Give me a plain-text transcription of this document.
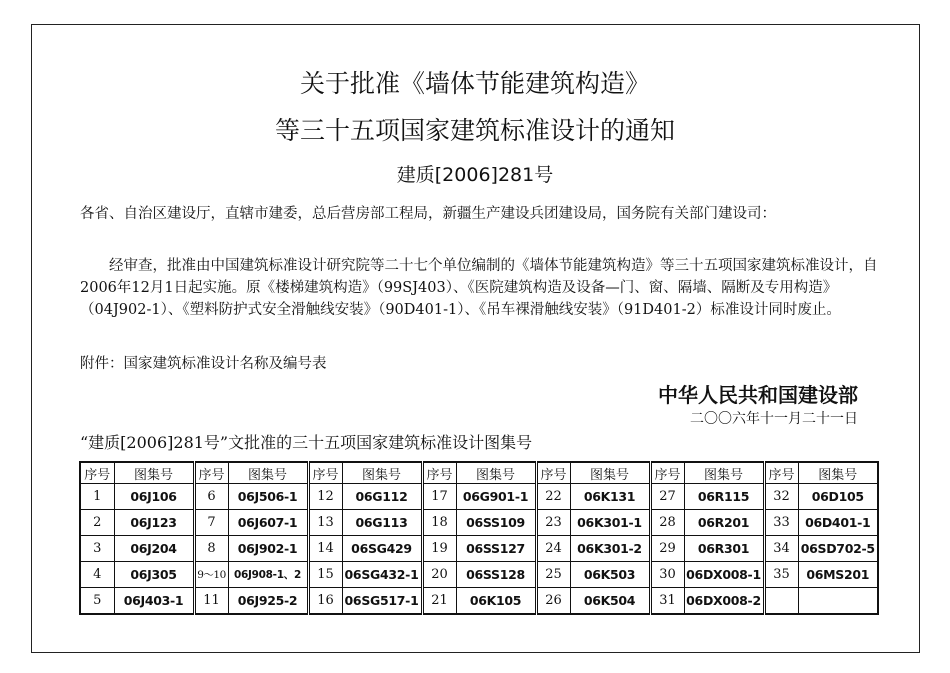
关于批准《墙体节能建筑构造》
等三十五项国家建筑标准设计的通知
建质[2006]281号
各省、自治区建设厅，直辖市建委，总后营房部工程局，新疆生产建设兵团建设局，国务院有关部门建设司：
经审查，批准由中国建筑标准设计研究院等二十七个单位编制的《墙体节能建筑构造》等三十五项国家建筑标准设计，自2006年12月1日起实施。原《楼梯建筑构造》（99SJ403）、《医院建筑构造及设备—门、窗、隔墙、隔断及专用构造》（04J902-1）、《塑料防护式安全滑触线安装》（90D401-1）、《吊车裸滑触线安装》（91D401-2）标准设计同时废止。
附件：国家建筑标准设计名称及编号表
中华人民共和国建设部
二〇〇六年十一月二十一日
“建质[2006]281号”文批准的三十五项国家建筑标准设计图集号
序号	图集号	序号	图集号	序号	图集号	序号	图集号	序号	图集号	序号	图集号	序号	图集号
1	06J106	6	06J506-1	12	06G112	17	06G901-1	22	06K131	27	06R115	32	06D105
2	06J123	7	06J607-1	13	06G113	18	06SS109	23	06K301-1	28	06R201	33	06D401-1
3	06J204	8	06J902-1	14	06SG429	19	06SS127	24	06K301-2	29	06R301	34	06SD702-5
4	06J305	9～10	06J908-1、2	15	06SG432-1	20	06SS128	25	06K503	30	06DX008-1	35	06MS201
5	06J403-1	11	06J925-2	16	06SG517-1	21	06K105	26	06K504	31	06DX008-2		
